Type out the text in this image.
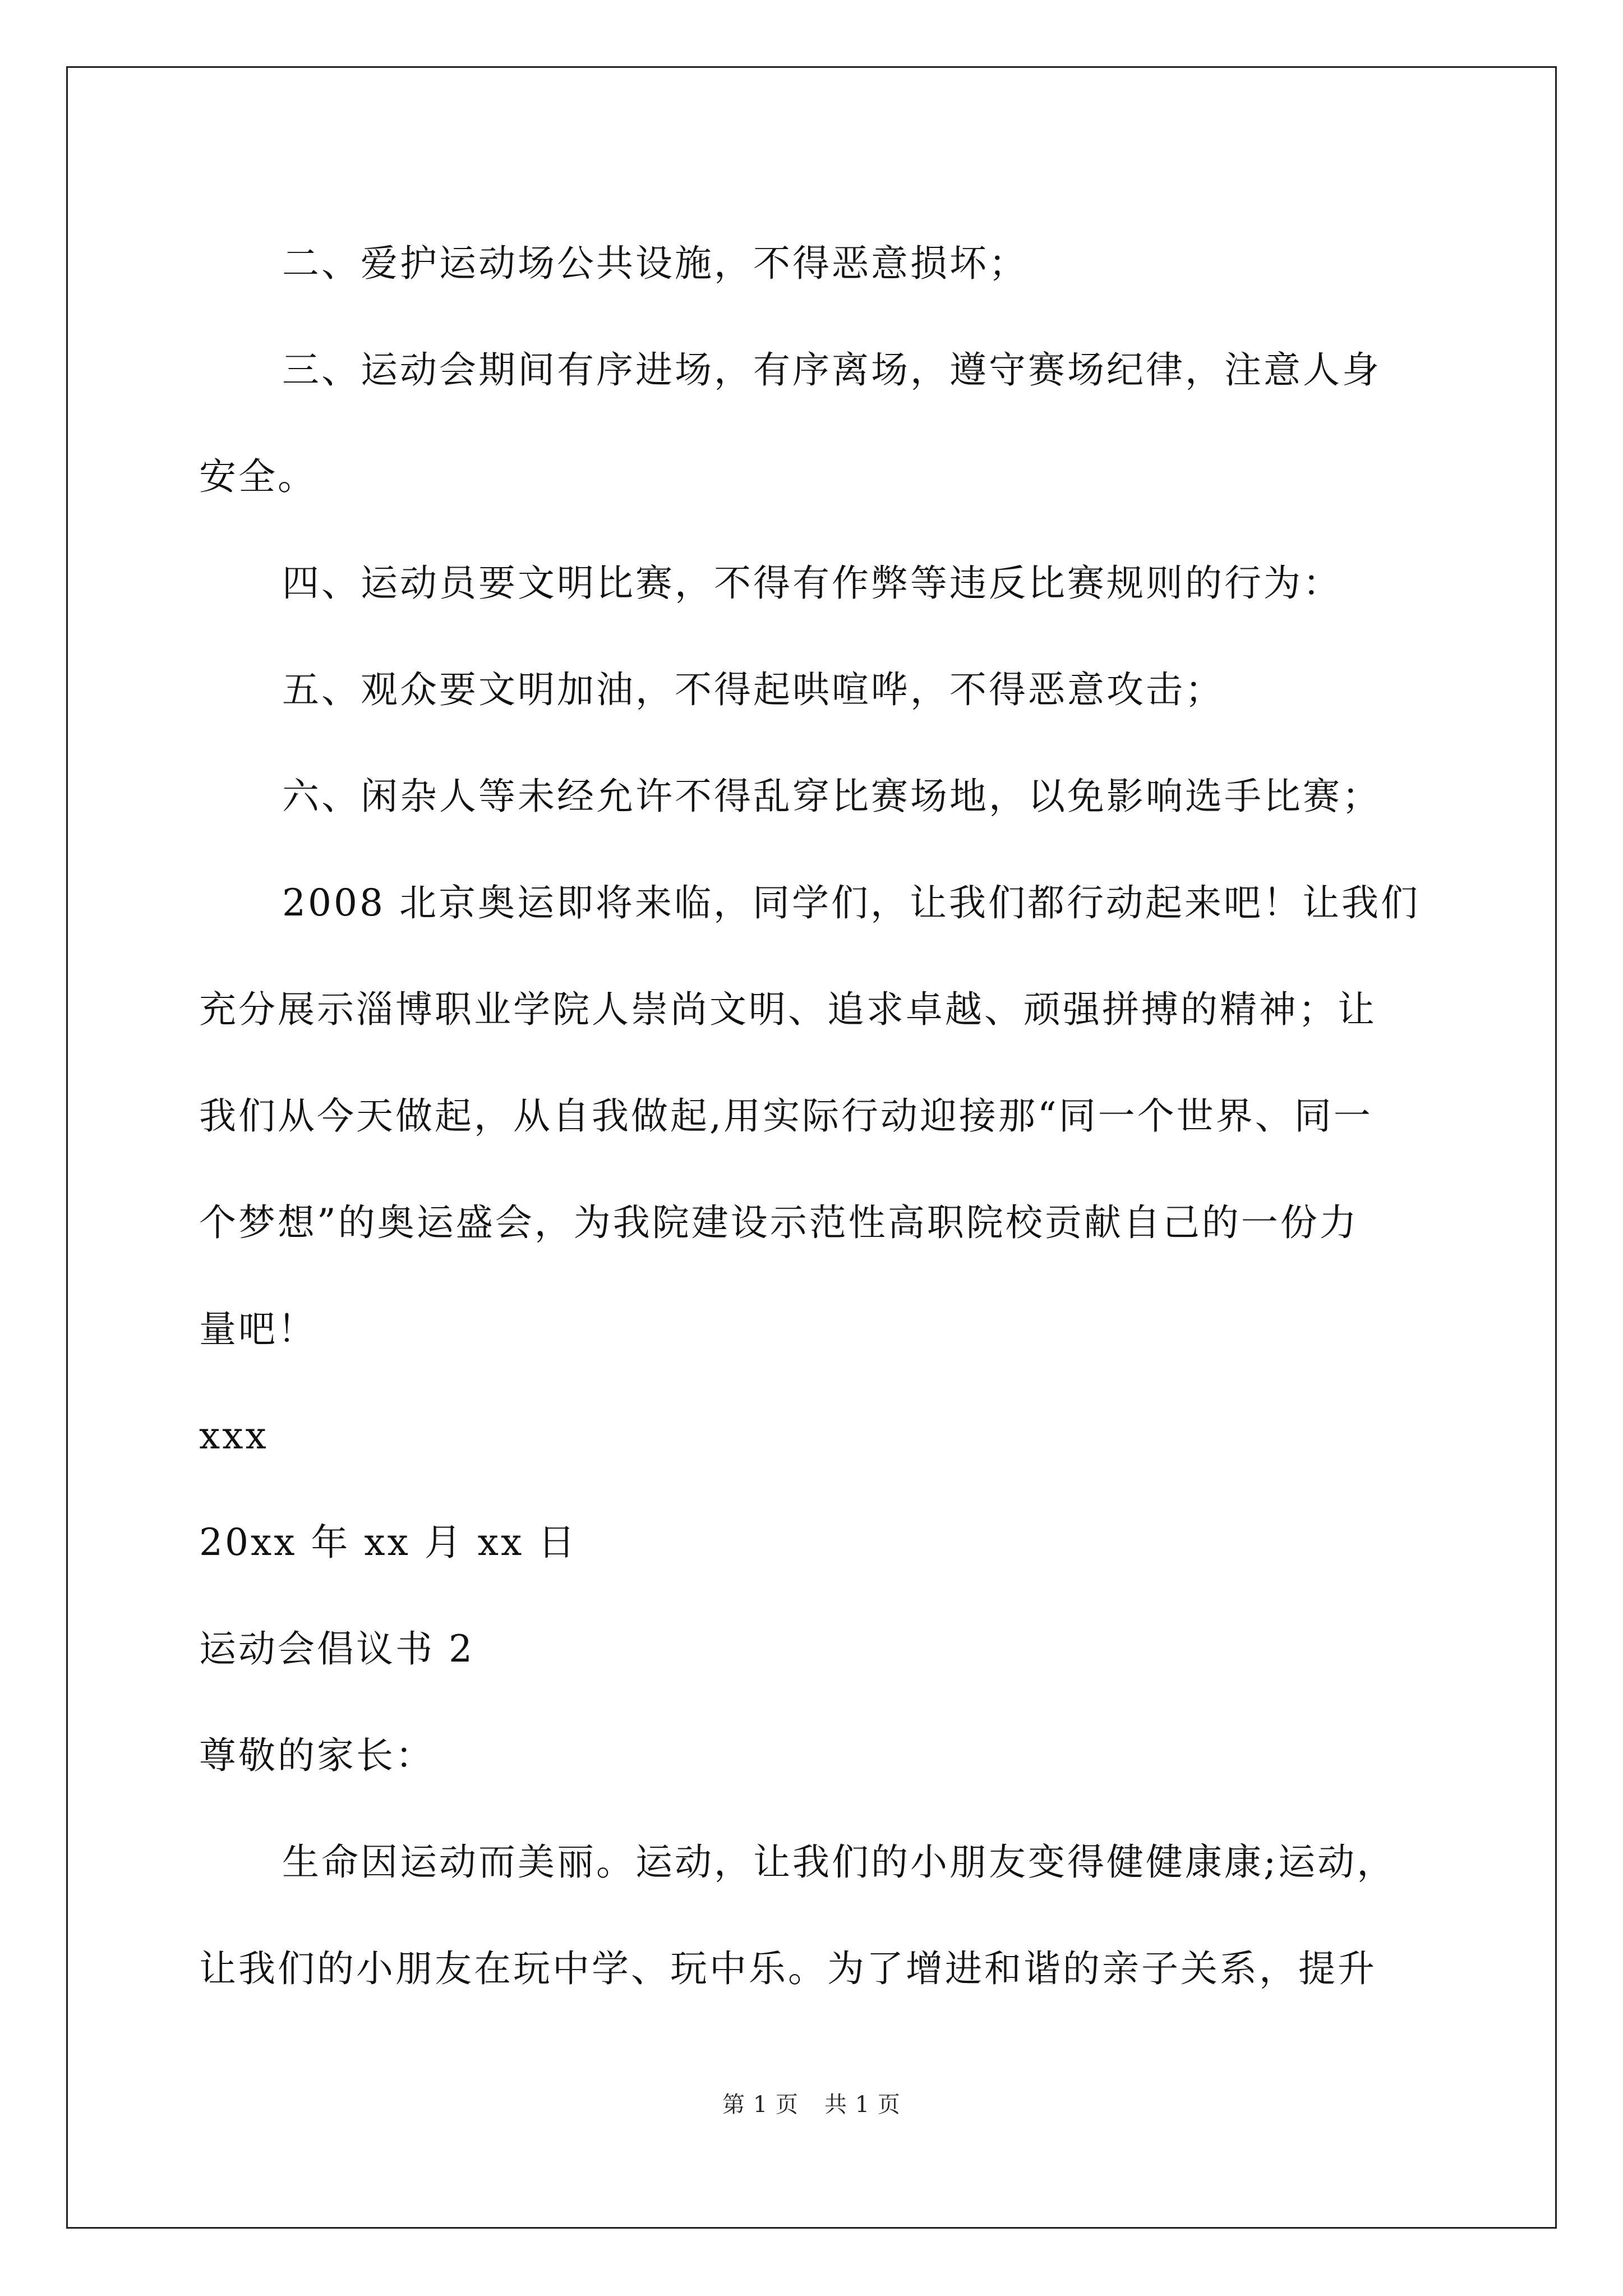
二、爱护运动场公共设施，不得恶意损坏；
三、运动会期间有序进场，有序离场，遵守赛场纪律，注意人身
安全。
四、运动员要文明比赛，不得有作弊等违反比赛规则的行为：
五、观众要文明加油，不得起哄喧哗，不得恶意攻击；
六、闲杂人等未经允许不得乱穿比赛场地，以免影响选手比赛；
2008 北京奥运即将来临，同学们，让我们都行动起来吧！让我们
充分展示淄博职业学院人崇尚文明、追求卓越、顽强拼搏的精神；让
我们从今天做起，从自我做起,用实际行动迎接那“同一个世界、同一
个梦想”的奥运盛会，为我院建设示范性高职院校贡献自己的一份力
量吧！
xxx
20xx 年 xx 月 xx 日
运动会倡议书 2
尊敬的家长：
生命因运动而美丽。运动，让我们的小朋友变得健健康康;运动，
让我们的小朋友在玩中学、玩中乐。为了增进和谐的亲子关系，提升
第 1 页 共 1 页
